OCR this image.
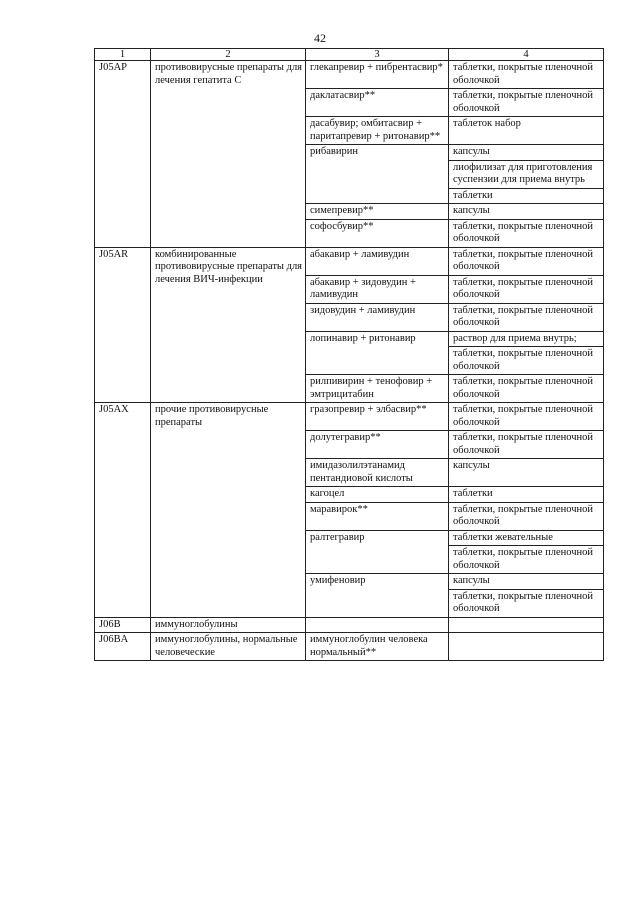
42
1	2	3	4
J05AP	противовирусные препараты для лечения гепатита С	глекапревир + пибрентасвир*	таблетки, покрытые пленочной оболочкой
		даклатасвир**	таблетки, покрытые пленочной оболочкой
		дасабувир; омбитасвир + паритапревир + ритонавир**	таблеток набор
		рибавирин	капсулы
			лиофилизат для приготовления суспензии для приема внутрь
			таблетки
		симепревир**	капсулы
		софосбувир**	таблетки, покрытые пленочной оболочкой
J05AR	комбинированные противовирусные препараты для лечения ВИЧ-инфекции	абакавир + ламивудин	таблетки, покрытые пленочной оболочкой
		абакавир + зидовудин + ламивудин	таблетки, покрытые пленочной оболочкой
		зидовудин + ламивудин	таблетки, покрытые пленочной оболочкой
		лопинавир + ритонавир	раствор для приема внутрь;
			таблетки, покрытые пленочной оболочкой
		рилпивирин + тенофовир + эмтрицитабин	таблетки, покрытые пленочной оболочкой
J05AX	прочие противовирусные препараты	гразопревир + элбасвир**	таблетки, покрытые пленочной оболочкой
		долутегравир**	таблетки, покрытые пленочной оболочкой
		имидазолилэтанамид пентандиовой кислоты	капсулы
		кагоцел	таблетки
		маравирок**	таблетки, покрытые пленочной оболочкой
		ралтегравир	таблетки жевательные
			таблетки, покрытые пленочной оболочкой
		умифеновир	капсулы
			таблетки, покрытые пленочной оболочкой
J06B	иммуноглобулины		
J06BA	иммуноглобулины, нормальные человеческие	иммуноглобулин человека нормальный**	
